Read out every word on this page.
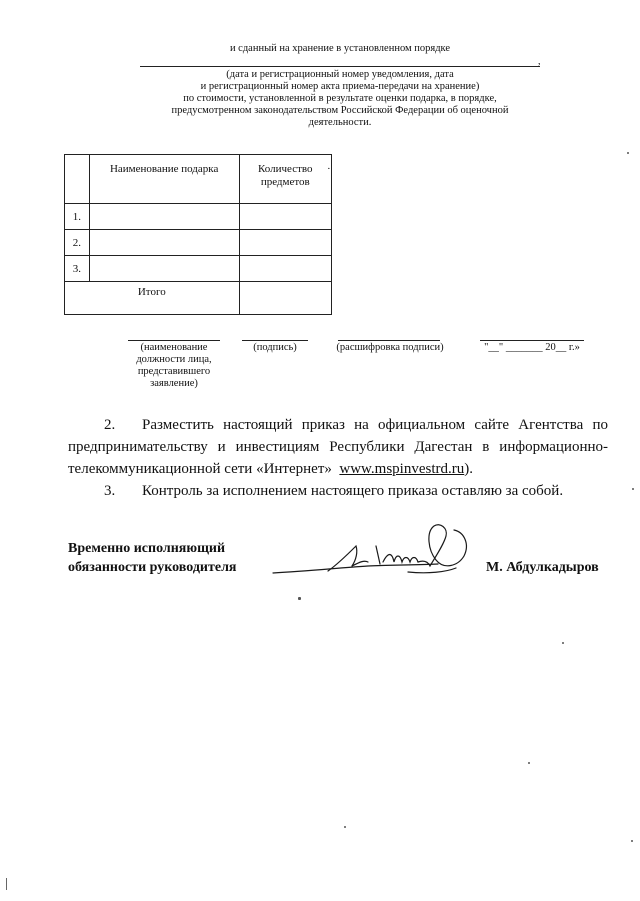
и сданный на хранение в установленном порядке
,
(дата и регистрационный номер уведомления, дата
и регистрационный номер акта приема-передачи на хранение)
по стоимости, установленной в результате оценки подарка, в порядке,
предусмотренном законодательством Российской Федерации об оценочной
деятельности.
	Наименование подарка	Количество предметов
1.		
2.		
3.		
Итого		
·
(наименование должности лица, представившего заявление)
(подпись)	(расшифровка подписи)	"__" _______ 20__ г.»
2. Разместить настоящий приказ на официальном сайте Агентства по предпринимательству и инвестициям Республики Дагестан в информационно-телекоммуникационной сети «Интернет» www.mspinvestrd.ru).
3. Контроль за исполнением настоящего приказа оставляю за собой.
Временно исполняющий
обязанности руководителя	М. Абдулкадыров
